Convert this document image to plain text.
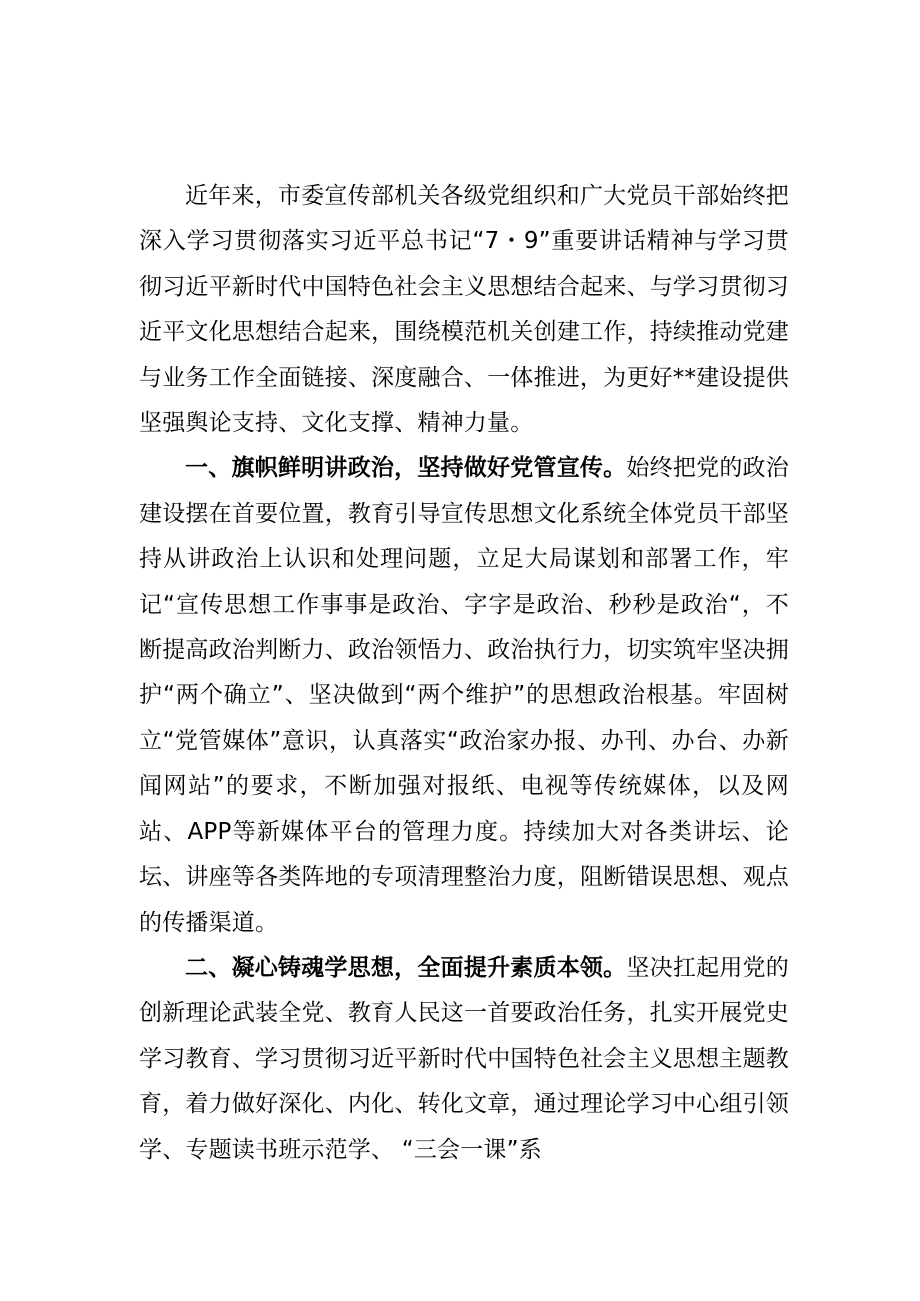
近年来，市委宣传部机关各级党组织和广大党员干部始终把深入学习贯彻落实习近平总书记“7・9”重要讲话精神与学习贯彻习近平新时代中国特色社会主义思想结合起来、与学习贯彻习近平文化思想结合起来，围绕模范机关创建工作，持续推动党建与业务工作全面链接、深度融合、一体推进，为更好**建设提供坚强舆论支持、文化支撑、精神力量。

一、旗帜鲜明讲政治，坚持做好党管宣传。始终把党的政治建设摆在首要位置，教育引导宣传思想文化系统全体党员干部坚持从讲政治上认识和处理问题，立足大局谋划和部署工作，牢记“宣传思想工作事事是政治、字字是政治、秒秒是政治“，不断提高政治判断力、政治领悟力、政治执行力，切实筑牢坚决拥护“两个确立”、坚决做到“两个维护”的思想政治根基。牢固树立“党管媒体”意识，认真落实“政治家办报、办刊、办台、办新闻网站”的要求，不断加强对报纸、电视等传统媒体，以及网站、APP等新媒体平台的管理力度。持续加大对各类讲坛、论坛、讲座等各类阵地的专项清理整治力度，阻断错误思想、观点的传播渠道。

二、凝心铸魂学思想，全面提升素质本领。坚决扛起用党的创新理论武装全党、教育人民这一首要政治任务，扎实开展党史学习教育、学习贯彻习近平新时代中国特色社会主义思想主题教育，着力做好深化、内化、转化文章，通过理论学习中心组引领学、专题读书班示范学、 “三会一课”系
